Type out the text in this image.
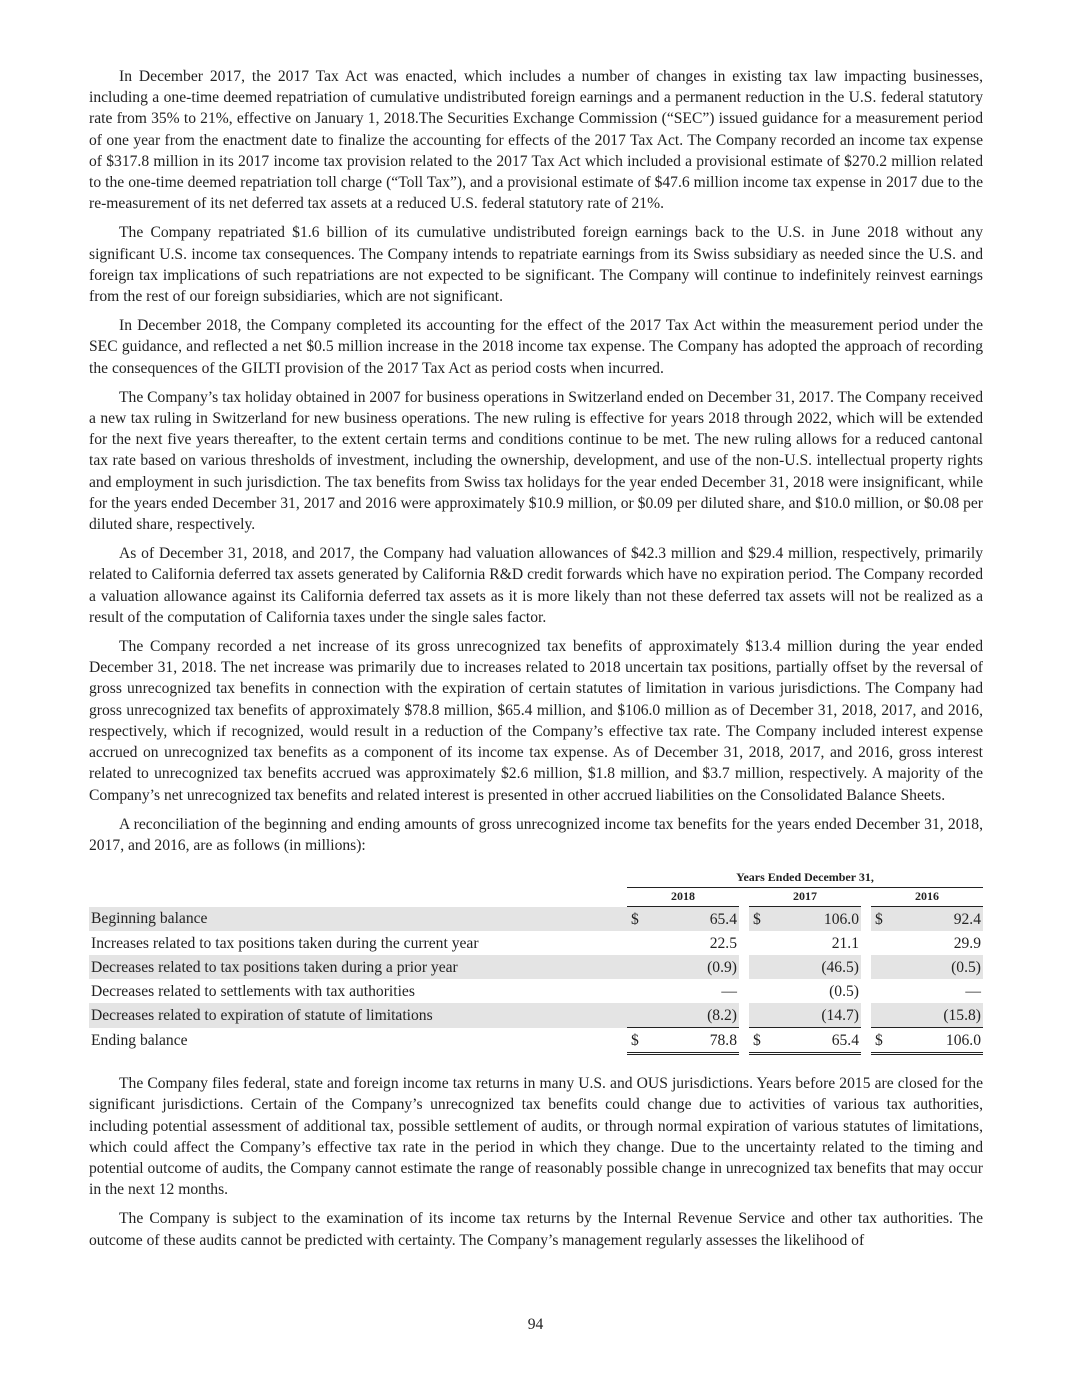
In December 2017, the 2017 Tax Act was enacted, which includes a number of changes in existing tax law impacting businesses, including a one-time deemed repatriation of cumulative undistributed foreign earnings and a permanent reduction in the U.S. federal statutory rate from 35% to 21%, effective on January 1, 2018.The Securities Exchange Commission (“SEC”) issued guidance for a measurement period of one year from the enactment date to finalize the accounting for effects of the 2017 Tax Act. The Company recorded an income tax expense of $317.8 million in its 2017 income tax provision related to the 2017 Tax Act which included a provisional estimate of $270.2 million related to the one-time deemed repatriation toll charge (“Toll Tax”), and a provisional estimate of $47.6 million income tax expense in 2017 due to the re-measurement of its net deferred tax assets at a reduced U.S. federal statutory rate of 21%.

The Company repatriated $1.6 billion of its cumulative undistributed foreign earnings back to the U.S. in June 2018 without any significant U.S. income tax consequences. The Company intends to repatriate earnings from its Swiss subsidiary as needed since the U.S. and foreign tax implications of such repatriations are not expected to be significant. The Company will continue to indefinitely reinvest earnings from the rest of our foreign subsidiaries, which are not significant.

In December 2018, the Company completed its accounting for the effect of the 2017 Tax Act within the measurement period under the SEC guidance, and reflected a net $0.5 million increase in the 2018 income tax expense. The Company has adopted the approach of recording the consequences of the GILTI provision of the 2017 Tax Act as period costs when incurred.

The Company’s tax holiday obtained in 2007 for business operations in Switzerland ended on December 31, 2017. The Company received a new tax ruling in Switzerland for new business operations. The new ruling is effective for years 2018 through 2022, which will be extended for the next five years thereafter, to the extent certain terms and conditions continue to be met. The new ruling allows for a reduced cantonal tax rate based on various thresholds of investment, including the ownership, development, and use of the non-U.S. intellectual property rights and employment in such jurisdiction. The tax benefits from Swiss tax holidays for the year ended December 31, 2018 were insignificant, while for the years ended December 31, 2017 and 2016 were approximately $10.9 million, or $0.09 per diluted share, and $10.0 million, or $0.08 per diluted share, respectively.

As of December 31, 2018, and 2017, the Company had valuation allowances of $42.3 million and $29.4 million, respectively, primarily related to California deferred tax assets generated by California R&D credit forwards which have no expiration period. The Company recorded a valuation allowance against its California deferred tax assets as it is more likely than not these deferred tax assets will not be realized as a result of the computation of California taxes under the single sales factor.

The Company recorded a net increase of its gross unrecognized tax benefits of approximately $13.4 million during the year ended December 31, 2018. The net increase was primarily due to increases related to 2018 uncertain tax positions, partially offset by the reversal of gross unrecognized tax benefits in connection with the expiration of certain statutes of limitation in various jurisdictions. The Company had gross unrecognized tax benefits of approximately $78.8 million, $65.4 million, and $106.0 million as of December 31, 2018, 2017, and 2016, respectively, which if recognized, would result in a reduction of the Company’s effective tax rate. The Company included interest expense accrued on unrecognized tax benefits as a component of its income tax expense. As of December 31, 2018, 2017, and 2016, gross interest related to unrecognized tax benefits accrued was approximately $2.6 million, $1.8 million, and $3.7 million, respectively. A majority of the Company’s net unrecognized tax benefits and related interest is presented in other accrued liabilities on the Consolidated Balance Sheets.

A reconciliation of the beginning and ending amounts of gross unrecognized income tax benefits for the years ended December 31, 2018, 2017, and 2016, are as follows (in millions):

	Years Ended December 31,							
	2018			2017			2016	
Beginning balance	$	65.4		$	106.0		$	92.4
Increases related to tax positions taken during the current year		22.5			21.1			29.9
Decreases related to tax positions taken during a prior year		(0.9)			(46.5)			(0.5)
Decreases related to settlements with tax authorities		—			(0.5)			—
Decreases related to expiration of statute of limitations		(8.2)			(14.7)			(15.8)
Ending balance	$	78.8		$	65.4		$	106.0

The Company files federal, state and foreign income tax returns in many U.S. and OUS jurisdictions. Years before 2015 are closed for the significant jurisdictions. Certain of the Company’s unrecognized tax benefits could change due to activities of various tax authorities, including potential assessment of additional tax, possible settlement of audits, or through normal expiration of various statutes of limitations, which could affect the Company’s effective tax rate in the period in which they change. Due to the uncertainty related to the timing and potential outcome of audits, the Company cannot estimate the range of reasonably possible change in unrecognized tax benefits that may occur in the next 12 months.

The Company is subject to the examination of its income tax returns by the Internal Revenue Service and other tax authorities. The outcome of these audits cannot be predicted with certainty. The Company’s management regularly assesses the likelihood of

94
